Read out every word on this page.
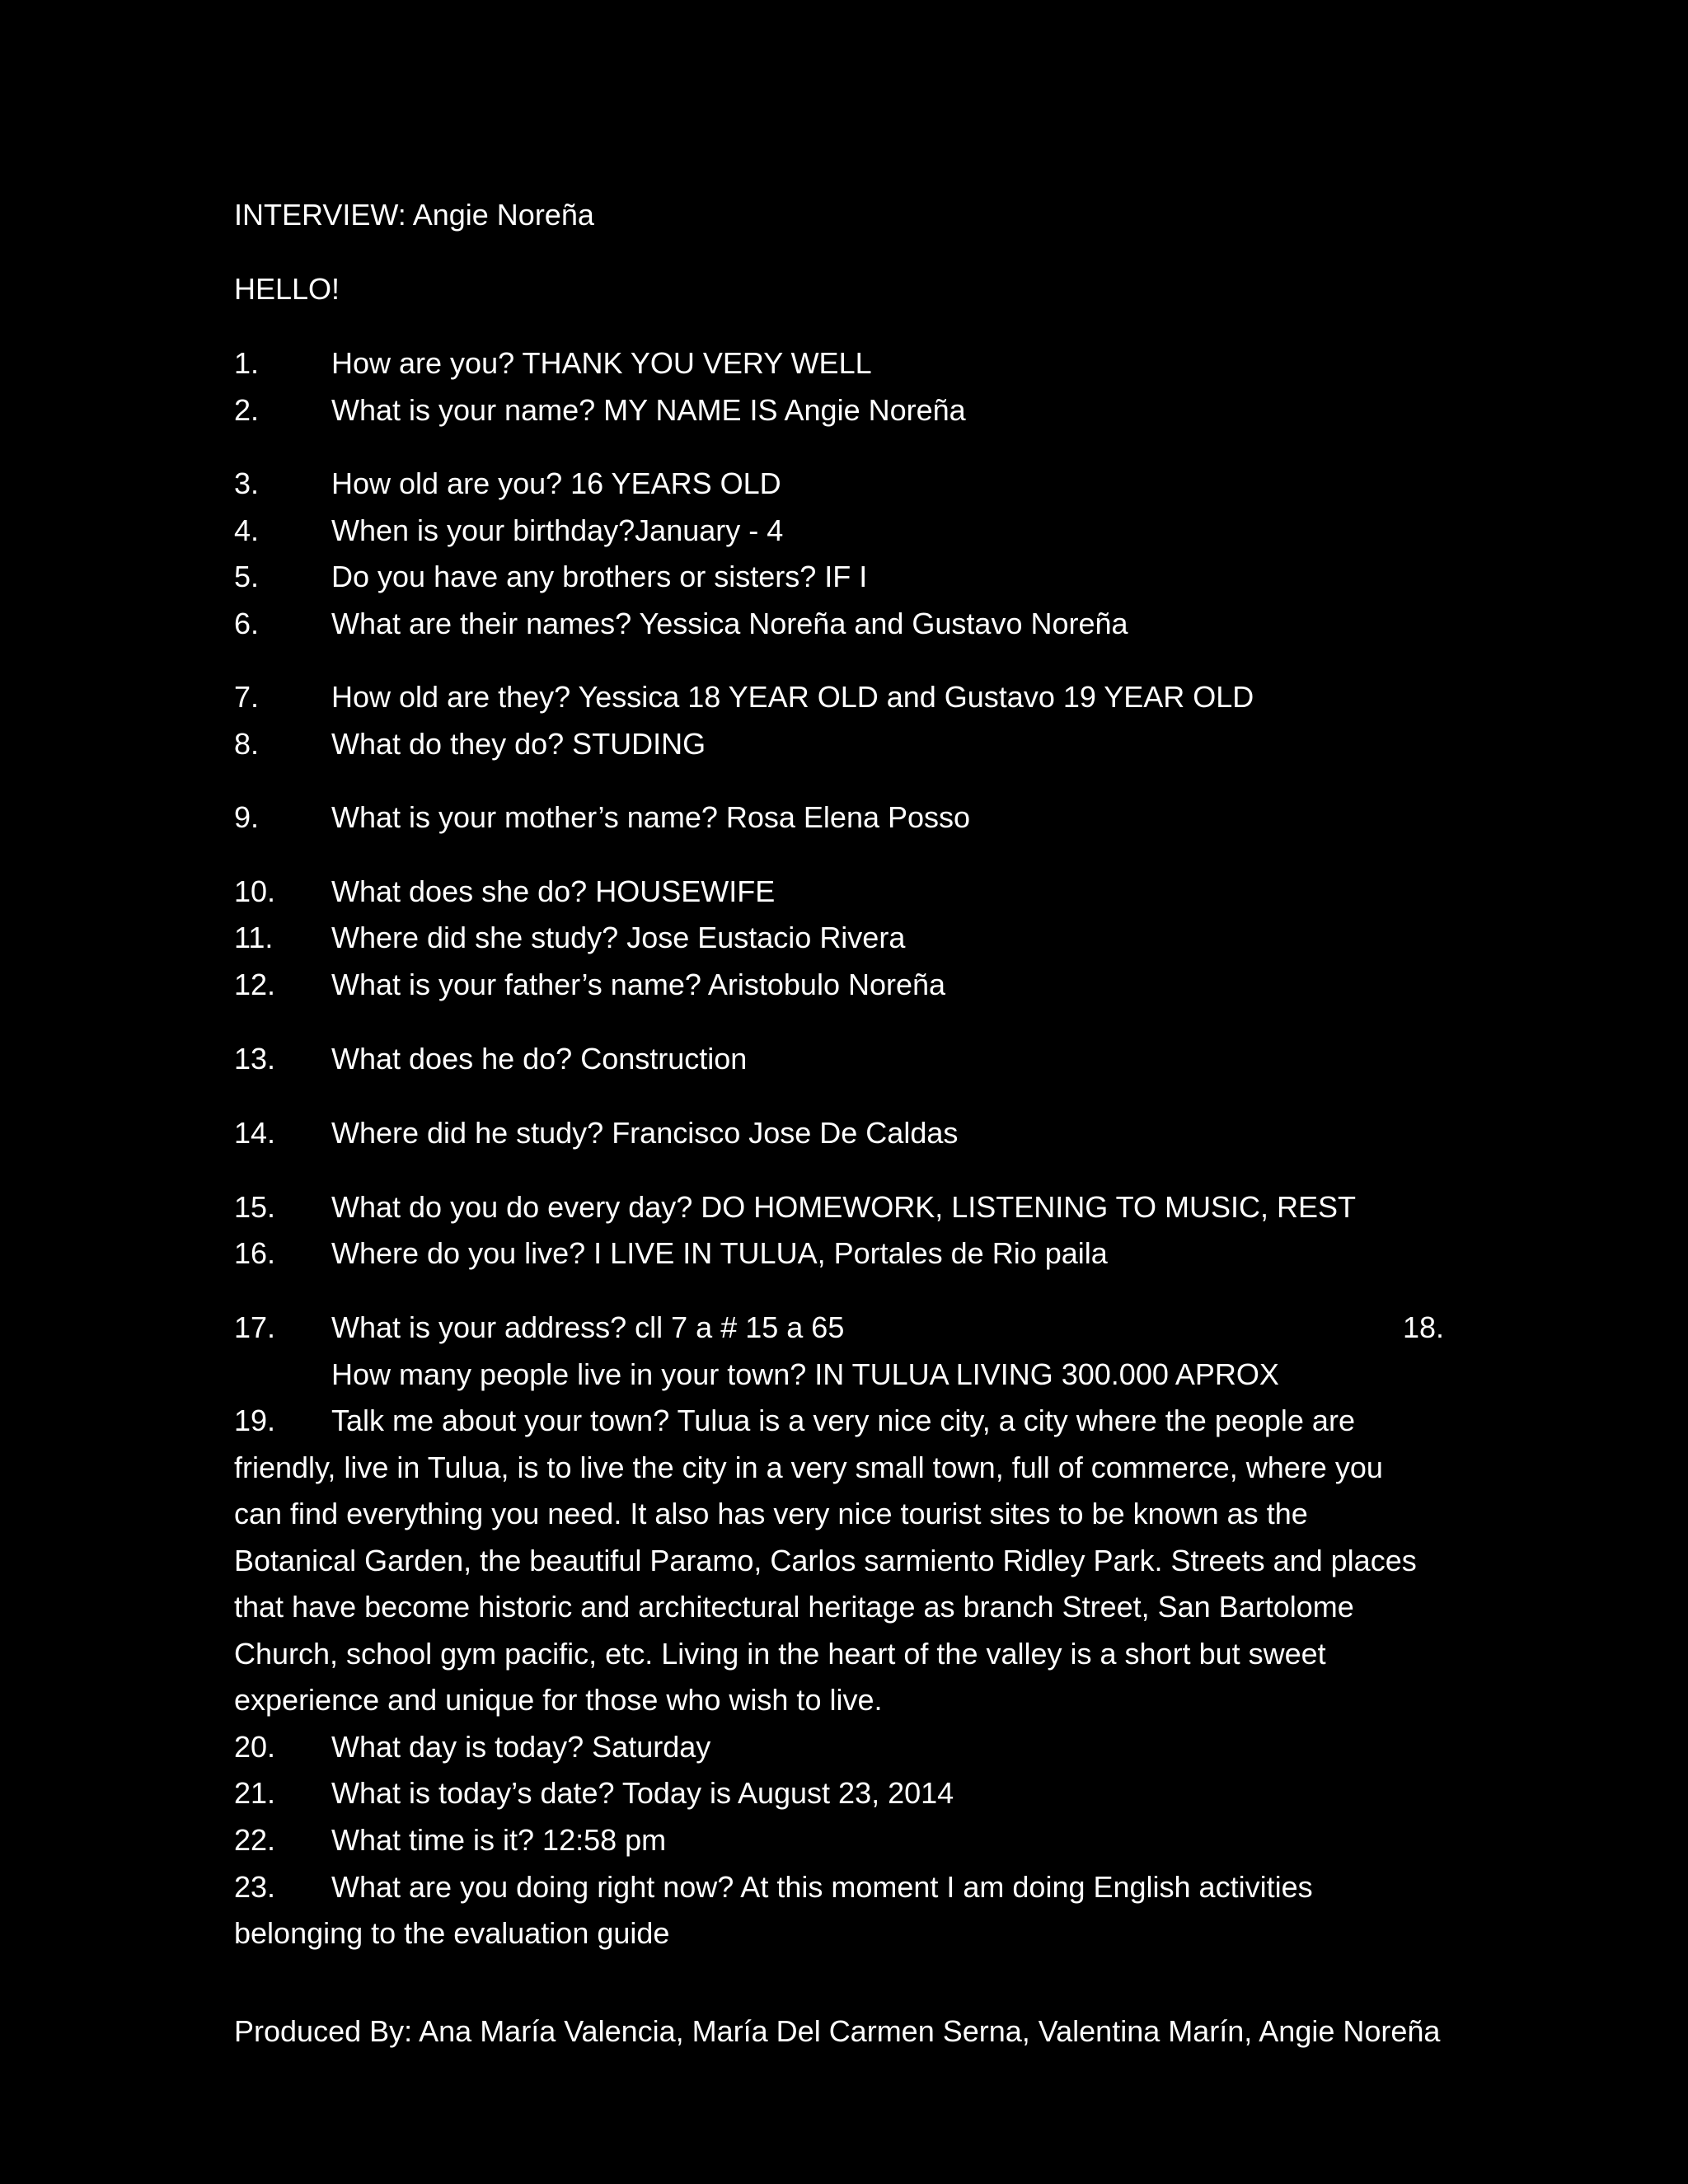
INTERVIEW: Angie Noreña
HELLO!
1. How are you? THANK YOU VERY WELL
2. What is your name? MY NAME IS Angie Noreña
3. How old are you? 16 YEARS OLD
4. When is your birthday?January - 4
5. Do you have any brothers or sisters? IF I
6. What are their names? Yessica Noreña and Gustavo Noreña
7. How old are they? Yessica 18 YEAR OLD and Gustavo 19 YEAR OLD
8. What do they do? STUDING
9. What is your mother’s name? Rosa Elena Posso
10. What does she do? HOUSEWIFE
11. Where did she study? Jose Eustacio Rivera
12. What is your father’s name? Aristobulo Noreña
13. What does he do? Construction
14. Where did he study? Francisco Jose De Caldas
15. What do you do every day? DO HOMEWORK, LISTENING TO MUSIC, REST
16. Where do you live? I LIVE IN TULUA, Portales de Rio paila
17. What is your address? cll 7 a # 15 a 65	18.
How many people live in your town? IN TULUA LIVING 300.000 APROX
19. Talk me about your town? Tulua is a very nice city, a city where the people are
friendly, live in Tulua, is to live the city in a very small town, full of commerce, where you
can find everything you need. It also has very nice tourist sites to be known as the
Botanical Garden, the beautiful Paramo, Carlos sarmiento Ridley Park. Streets and places
that have become historic and architectural heritage as branch Street, San Bartolome
Church, school gym pacific, etc. Living in the heart of the valley is a short but sweet
experience and unique for those who wish to live.
20. What day is today? Saturday
21. What is today’s date? Today is August 23, 2014
22. What time is it? 12:58 pm
23. What are you doing right now? At this moment I am doing English activities
belonging to the evaluation guide
Produced By: Ana María Valencia, María Del Carmen Serna, Valentina Marín, Angie Noreña
